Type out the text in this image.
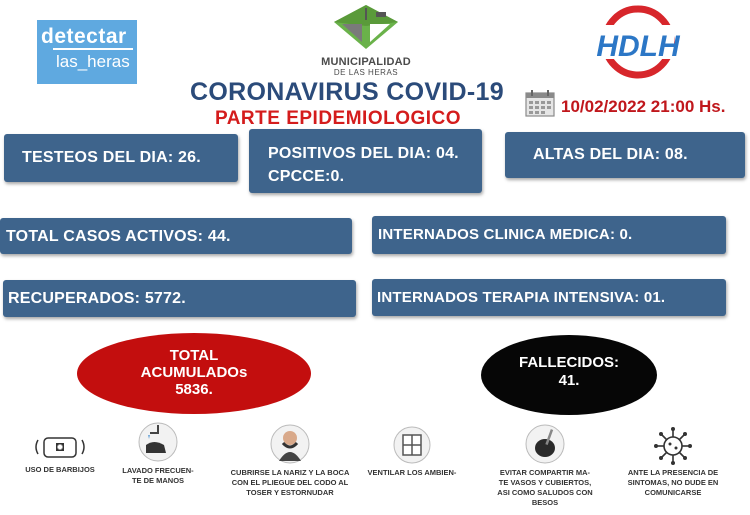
detectar
las_heras	MUNICIPALIDAD
DE LAS HERAS
HDLH
CORONAVIRUS COVID-19
PARTE EPIDEMIOLOGICO
10/02/2022 21:00 Hs.
TESTEOS DEL DIA: 26.	POSITIVOS DEL DIA: 04.
CPCCE:0.
ALTAS DEL DIA: 08.
TOTAL CASOS ACTIVOS: 44.	INTERNADOS CLINICA MEDICA: 0.
RECUPERADOS: 5772.	INTERNADOS TERAPIA INTENSIVA: 01.
TOTAL
ACUMULADOs
5836.
FALLECIDOS:
41.
USO DE BARBIJOS	LAVADO FRECUEN-
TE DE MANOS
CUBRIRSE LA NARIZ Y LA BOCA
CON EL PLIEGUE DEL CODO AL
TOSER Y ESTORNUDAR
VENTILAR LOS AMBIEN-	EVITAR COMPARTIR MA-
TE VASOS Y CUBIERTOS,
ASI COMO SALUDOS CON
BESOS
ANTE LA PRESENCIA DE
SINTOMAS, NO DUDE EN
COMUNICARSE
